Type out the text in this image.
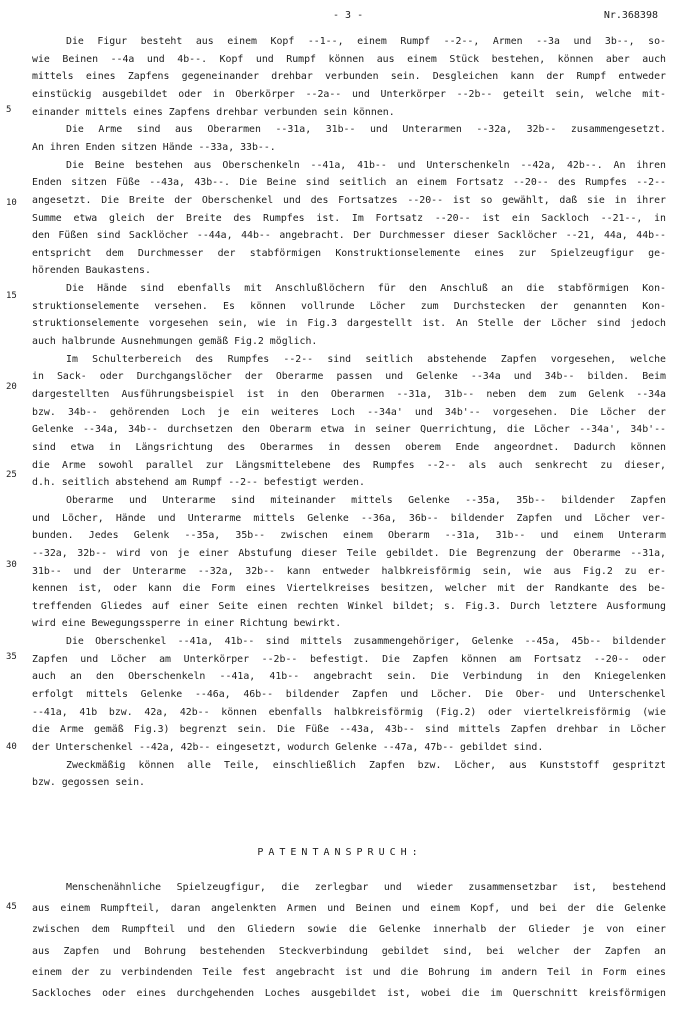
- 3 -	Nr.368398
Die Figur besteht aus einem Kopf --1--, einem Rumpf --2--, Armen --3a und 3b--, so-
wie Beinen --4a und 4b--. Kopf und Rumpf können aus einem Stück bestehen, können aber auch
mittels eines Zapfens gegeneinander drehbar verbunden sein. Desgleichen kann der Rumpf entweder
einstückig ausgebildet oder in Oberkörper --2a-- und Unterkörper --2b-- geteilt sein, welche mit-
einander mittels eines Zapfens drehbar verbunden sein können.
Die Arme sind aus Oberarmen --31a, 31b-- und Unterarmen --32a, 32b-- zusammengesetzt.
An ihren Enden sitzen Hände --33a, 33b--.
Die Beine bestehen aus Oberschenkeln --41a, 41b-- und Unterschenkeln --42a, 42b--. An ihren
Enden sitzen Füße --43a, 43b--. Die Beine sind seitlich an einem Fortsatz --20-- des Rumpfes --2--
angesetzt. Die Breite der Oberschenkel und des Fortsatzes --20-- ist so gewählt, daß sie in ihrer
Summe etwa gleich der Breite des Rumpfes ist. Im Fortsatz --20-- ist ein Sackloch --21--, in
den Füßen sind Sacklöcher --44a, 44b-- angebracht. Der Durchmesser dieser Sacklöcher --21, 44a, 44b--
entspricht dem Durchmesser der stabförmigen Konstruktionselemente eines zur Spielzeugfigur ge-
hörenden Baukastens.
Die Hände sind ebenfalls mit Anschlußlöchern für den Anschluß an die stabförmigen Kon-
struktionselemente versehen. Es können vollrunde Löcher zum Durchstecken der genannten Kon-
struktionselemente vorgesehen sein, wie in Fig.3 dargestellt ist. An Stelle der Löcher sind jedoch
auch halbrunde Ausnehmungen gemäß Fig.2 möglich.
Im Schulterbereich des Rumpfes --2-- sind seitlich abstehende Zapfen vorgesehen, welche
in Sack- oder Durchgangslöcher der Oberarme passen und Gelenke --34a und 34b-- bilden. Beim
dargestellten Ausführungsbeispiel ist in den Oberarmen --31a, 31b-- neben dem zum Gelenk --34a
bzw. 34b-- gehörenden Loch je ein weiteres Loch --34a' und 34b'-- vorgesehen. Die Löcher der
Gelenke --34a, 34b-- durchsetzen den Oberarm etwa in seiner Querrichtung, die Löcher --34a', 34b'--
sind etwa in Längsrichtung des Oberarmes in dessen oberem Ende angeordnet. Dadurch können
die Arme sowohl parallel zur Längsmittelebene des Rumpfes --2-- als auch senkrecht zu dieser,
d.h. seitlich abstehend am Rumpf --2-- befestigt werden.
Oberarme und Unterarme sind miteinander mittels Gelenke --35a, 35b-- bildender Zapfen
und Löcher, Hände und Unterarme mittels Gelenke --36a, 36b-- bildender Zapfen und Löcher ver-
bunden. Jedes Gelenk --35a, 35b-- zwischen einem Oberarm --31a, 31b-- und einem Unterarm
--32a, 32b-- wird von je einer Abstufung dieser Teile gebildet. Die Begrenzung der Oberarme --31a,
31b-- und der Unterarme --32a, 32b-- kann entweder halbkreisförmig sein, wie aus Fig.2 zu er-
kennen ist, oder kann die Form eines Viertelkreises besitzen, welcher mit der Randkante des be-
treffenden Gliedes auf einer Seite einen rechten Winkel bildet; s. Fig.3. Durch letztere Ausformung
wird eine Bewegungssperre in einer Richtung bewirkt.
Die Oberschenkel --41a, 41b-- sind mittels zusammengehöriger, Gelenke --45a, 45b-- bildender
Zapfen und Löcher am Unterkörper --2b-- befestigt. Die Zapfen können am Fortsatz --20-- oder
auch an den Oberschenkeln --41a, 41b-- angebracht sein. Die Verbindung in den Kniegelenken
erfolgt mittels Gelenke --46a, 46b-- bildender Zapfen und Löcher. Die Ober- und Unterschenkel
--41a, 41b bzw. 42a, 42b-- können ebenfalls halbkreisförmig (Fig.2) oder viertelkreisförmig (wie
die Arme gemäß Fig.3) begrenzt sein. Die Füße --43a, 43b-- sind mittels Zapfen drehbar in Löcher
der Unterschenkel --42a, 42b-- eingesetzt, wodurch Gelenke --47a, 47b-- gebildet sind.
Zweckmäßig können alle Teile, einschließlich Zapfen bzw. Löcher, aus Kunststoff gespritzt
bzw. gegossen sein.
PATENTANSPRUCH:
Menschenähnliche Spielzeugfigur, die zerlegbar und wieder zusammensetzbar ist, bestehend
aus einem Rumpfteil, daran angelenkten Armen und Beinen und einem Kopf, und bei der die Gelenke
zwischen dem Rumpfteil und den Gliedern sowie die Gelenke innerhalb der Glieder je von einer
aus Zapfen und Bohrung bestehenden Steckverbindung gebildet sind, bei welcher der Zapfen an
einem der zu verbindenden Teile fest angebracht ist und die Bohrung im andern Teil in Form eines
Sackloches oder eines durchgehenden Loches ausgebildet ist, wobei die im Querschnitt kreisförmigen
5
10
15
20
25
30
35
40
45
